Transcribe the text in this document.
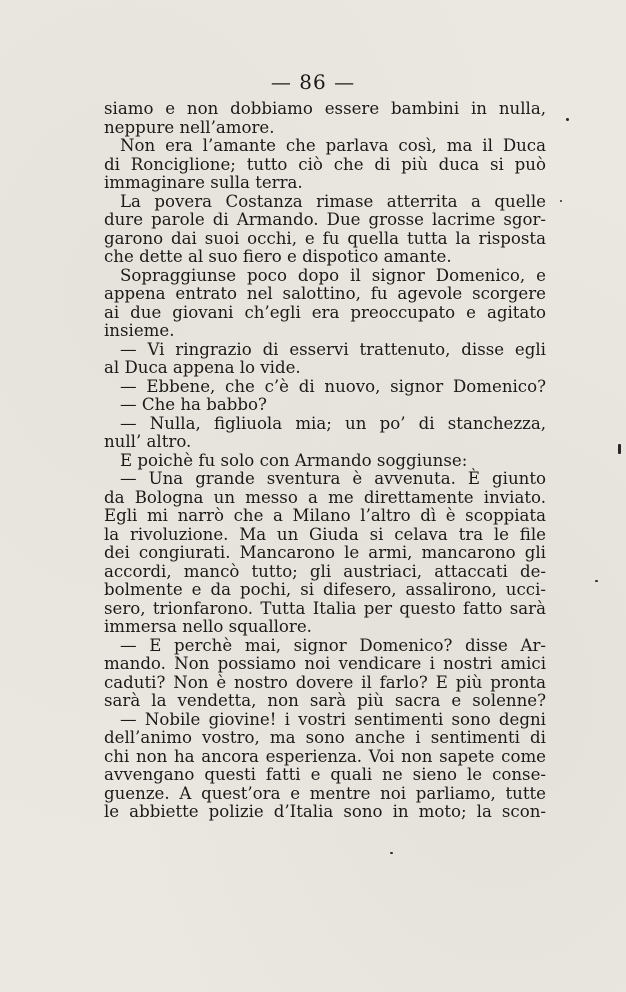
— 86 —
siamo e non dobbiamo essere bambini in nulla,
neppure nell’amore.
Non era l’amante che parlava così, ma il Duca
di Ronciglione; tutto ciò che di più duca si può
immaginare sulla terra.
La povera Costanza rimase atterrita a quelle
dure parole di Armando. Due grosse lacrime sgor-
garono dai suoi occhi, e fu quella tutta la risposta
che dette al suo fiero e dispotico amante.
Sopraggiunse poco dopo il signor Domenico, e
appena entrato nel salottino, fu agevole scorgere
ai due giovani ch’egli era preoccupato e agitato
insieme.
— Vi ringrazio di esservi trattenuto, disse egli
al Duca appena lo vide.
— Ebbene, che c’è di nuovo, signor Domenico?
— Che ha babbo?
— Nulla, figliuola mia; un po’ di stanchezza,
null’ altro.
E poichè fu solo con Armando soggiunse:
— Una grande sventura è avvenuta. È giunto
da Bologna un messo a me direttamente inviato.
Egli mi narrò che a Milano l’altro dì è scoppiata
la rivoluzione. Ma un Giuda si celava tra le file
dei congiurati. Mancarono le armi, mancarono gli
accordi, mancò tutto; gli austriaci, attaccati de-
bolmente e da pochi, si difesero, assalirono, ucci-
sero, trionfarono. Tutta Italia per questo fatto sarà
immersa nello squallore.
— E perchè mai, signor Domenico? disse Ar-
mando. Non possiamo noi vendicare i nostri amici
caduti? Non è nostro dovere il farlo? E più pronta
sarà la vendetta, non sarà più sacra e solenne?
— Nobile giovine! i vostri sentimenti sono degni
dell’animo vostro, ma sono anche i sentimenti di
chi non ha ancora esperienza. Voi non sapete come
avvengano questi fatti e quali ne sieno le conse-
guenze. A quest’ora e mentre noi parliamo, tutte
le abbiette polizie d’Italia sono in moto; la scon-
